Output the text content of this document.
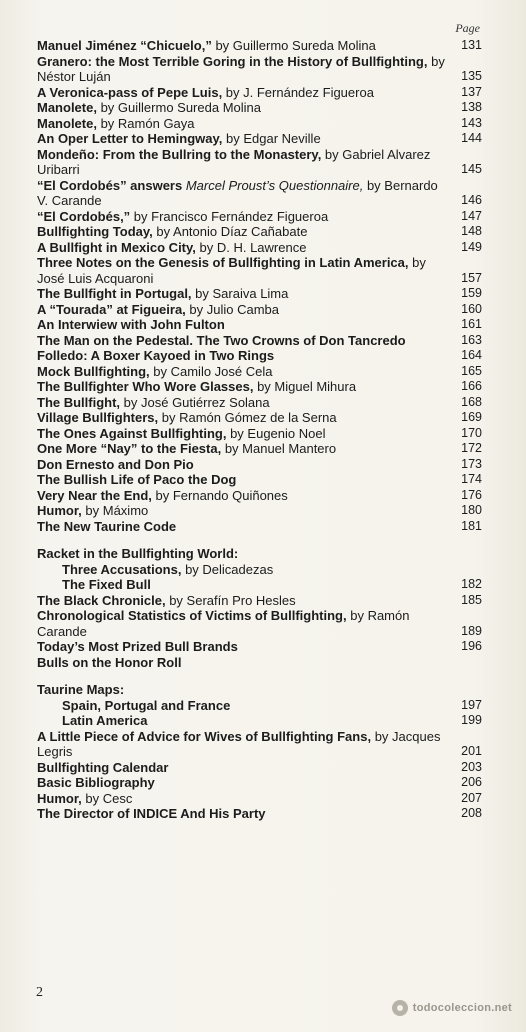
Page
Manuel Jiménez “Chicuelo,” by Guillermo Sureda Molina	131
Granero: the Most Terrible Goring in the History of Bullfighting, by Néstor Luján	135
A Veronica-pass of Pepe Luis, by J. Fernández Figueroa	137
Manolete, by Guillermo Sureda Molina	138
Manolete, by Ramón Gaya	143
An Oper Letter to Hemingway, by Edgar Neville	144
Mondeño: From the Bullring to the Monastery, by Gabriel Alvarez Uribarri	145
“El Cordobés” answers Marcel Proust’s Questionnaire, by Bernardo V. Carande	146
“El Cordobés,” by Francisco Fernández Figueroa	147
Bullfighting Today, by Antonio Díaz Cañabate	148
A Bullfight in Mexico City, by D. H. Lawrence	149
Three Notes on the Genesis of Bullfighting in Latin America, by José Luis Acquaroni	157
The Bullfight in Portugal, by Saraiva Lima	159
A “Tourada” at Figueira, by Julio Camba	160
An Interwiew with John Fulton	161
The Man on the Pedestal. The Two Crowns of Don Tancredo	163
Folledo: A Boxer Kayoed in Two Rings	164
Mock Bullfighting, by Camilo José Cela	165
The Bullfighter Who Wore Glasses, by Miguel Mihura	166
The Bullfight, by José Gutiérrez Solana	168
Village Bullfighters, by Ramón Gómez de la Serna	169
The Ones Against Bullfighting, by Eugenio Noel	170
One More “Nay” to the Fiesta, by Manuel Mantero	172
Don Ernesto and Don Pio	173
The Bullish Life of Paco the Dog	174
Very Near the End, by Fernando Quiñones	176
Humor, by Máximo	180
The New Taurine Code	181
Racket in the Bullfighting World:
Three Accusations, by Delicadezas
The Fixed Bull	182
The Black Chronicle, by Serafín Pro Hesles	185
Chronological Statistics of Victims of Bullfighting, by Ramón Carande	189
Today’s Most Prized Bull Brands	196
Bulls on the Honor Roll
Taurine Maps:
Spain, Portugal and France	197
Latin America	199
A Little Piece of Advice for Wives of Bullfighting Fans, by Jacques Legris	201
Bullfighting Calendar	203
Basic Bibliography	206
Humor, by Cesc	207
The Director of INDICE And His Party	208
2
todocoleccion.net
